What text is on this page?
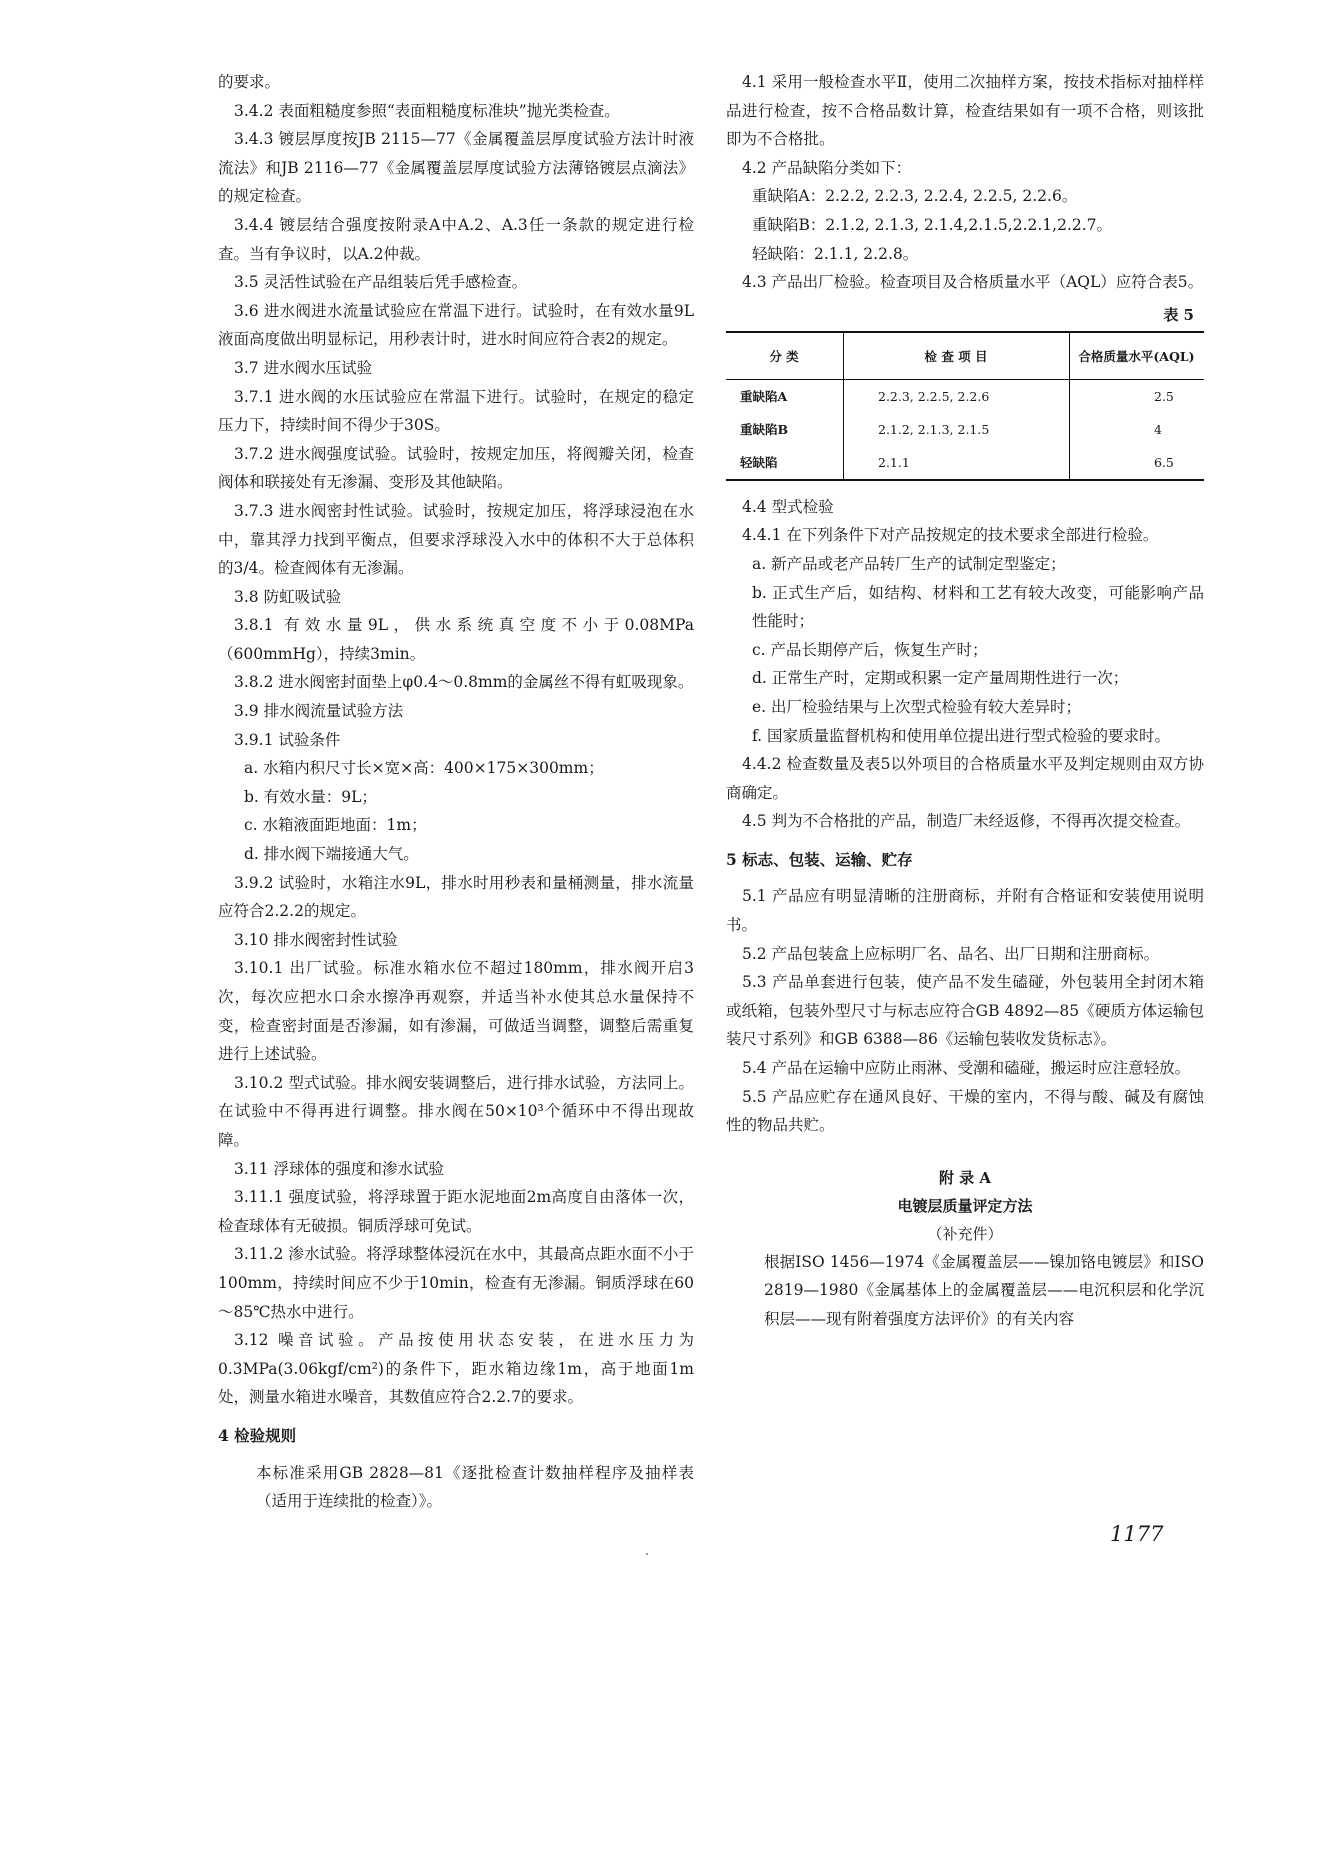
的要求。

3.4.2 表面粗糙度参照“表面粗糙度标准块”抛光类检查。

3.4.3 镀层厚度按JB 2115—77《金属覆盖层厚度试验方法计时液流法》和JB 2116—77《金属覆盖层厚度试验方法薄铬镀层点滴法》的规定检查。

3.4.4 镀层结合强度按附录A中A.2、A.3任一条款的规定进行检查。当有争议时，以A.2仲裁。

3.5 灵活性试验在产品组装后凭手感检查。

3.6 进水阀进水流量试验应在常温下进行。试验时，在有效水量9L液面高度做出明显标记，用秒表计时，进水时间应符合表2的规定。

3.7 进水阀水压试验

3.7.1 进水阀的水压试验应在常温下进行。试验时，在规定的稳定压力下，持续时间不得少于30S。

3.7.2 进水阀强度试验。试验时，按规定加压，将阀瓣关闭，检查阀体和联接处有无渗漏、变形及其他缺陷。

3.7.3 进水阀密封性试验。试验时，按规定加压，将浮球浸泡在水中，靠其浮力找到平衡点，但要求浮球没入水中的体积不大于总体积的3/4。检查阀体有无渗漏。

3.8 防虹吸试验

3.8.1 有效水量9L，供水系统真空度不小于0.08MPa（600mmHg），持续3min。

3.8.2 进水阀密封面垫上φ0.4～0.8mm的金属丝不得有虹吸现象。

3.9 排水阀流量试验方法

3.9.1 试验条件

a. 水箱内积尺寸长×宽×高：400×175×300mm；

b. 有效水量：9L；

c. 水箱液面距地面：1m；

d. 排水阀下端接通大气。

3.9.2 试验时，水箱注水9L，排水时用秒表和量桶测量，排水流量应符合2.2.2的规定。

3.10 排水阀密封性试验

3.10.1 出厂试验。标准水箱水位不超过180mm，排水阀开启3次，每次应把水口余水擦净再观察，并适当补水使其总水量保持不变，检查密封面是否渗漏，如有渗漏，可做适当调整，调整后需重复进行上述试验。

3.10.2 型式试验。排水阀安装调整后，进行排水试验，方法同上。在试验中不得再进行调整。排水阀在50×10³个循环中不得出现故障。

3.11 浮球体的强度和渗水试验

3.11.1 强度试验，将浮球置于距水泥地面2m高度自由落体一次，检查球体有无破损。铜质浮球可免试。

3.11.2 渗水试验。将浮球整体浸沉在水中，其最高点距水面不小于100mm，持续时间应不少于10min，检查有无渗漏。铜质浮球在60～85℃热水中进行。

3.12 噪音试验。产品按使用状态安装，在进水压力为0.3MPa(3.06kgf/cm²)的条件下，距水箱边缘1m，高于地面1m处，测量水箱进水噪音，其数值应符合2.2.7的要求。

4 检验规则

本标准采用GB 2828—81《逐批检查计数抽样程序及抽样表（适用于连续批的检查）》。

4.1 采用一般检查水平Ⅱ，使用二次抽样方案，按技术指标对抽样样品进行检查，按不合格品数计算，检查结果如有一项不合格，则该批即为不合格批。

4.2 产品缺陷分类如下：

重缺陷A：2.2.2, 2.2.3, 2.2.4, 2.2.5, 2.2.6。

重缺陷B：2.1.2, 2.1.3, 2.1.4,2.1.5,2.2.1,2.2.7。

轻缺陷：2.1.1, 2.2.8。

4.3 产品出厂检验。检查项目及合格质量水平（AQL）应符合表5。

表 5
分 类	检 查 项 目	合格质量水平(AQL)
重缺陷A	2.2.3, 2.2.5, 2.2.6	2.5
重缺陷B	2.1.2, 2.1.3, 2.1.5	4
轻缺陷	2.1.1	6.5

4.4 型式检验

4.4.1 在下列条件下对产品按规定的技术要求全部进行检验。

a. 新产品或老产品转厂生产的试制定型鉴定；

b. 正式生产后，如结构、材料和工艺有较大改变，可能影响产品性能时；

c. 产品长期停产后，恢复生产时；

d. 正常生产时，定期或积累一定产量周期性进行一次；

e. 出厂检验结果与上次型式检验有较大差异时；

f. 国家质量监督机构和使用单位提出进行型式检验的要求时。

4.4.2 检查数量及表5以外项目的合格质量水平及判定规则由双方协商确定。

4.5 判为不合格批的产品，制造厂未经返修，不得再次提交检查。

5 标志、包装、运输、贮存

5.1 产品应有明显清晰的注册商标，并附有合格证和安装使用说明书。

5.2 产品包装盒上应标明厂名、品名、出厂日期和注册商标。

5.3 产品单套进行包装，使产品不发生磕碰，外包装用全封闭木箱或纸箱，包装外型尺寸与标志应符合GB 4892—85《硬质方体运输包装尺寸系列》和GB 6388—86《运输包装收发货标志》。

5.4 产品在运输中应防止雨淋、受潮和磕碰，搬运时应注意轻放。

5.5 产品应贮存在通风良好、干燥的室内，不得与酸、碱及有腐蚀性的物品共贮。

附 录 A
电镀层质量评定方法
（补充件）

根据ISO 1456—1974《金属覆盖层——镍加铬电镀层》和ISO 2819—1980《金属基体上的金属覆盖层——电沉积层和化学沉积层——现有附着强度方法评价》的有关内容

1177
